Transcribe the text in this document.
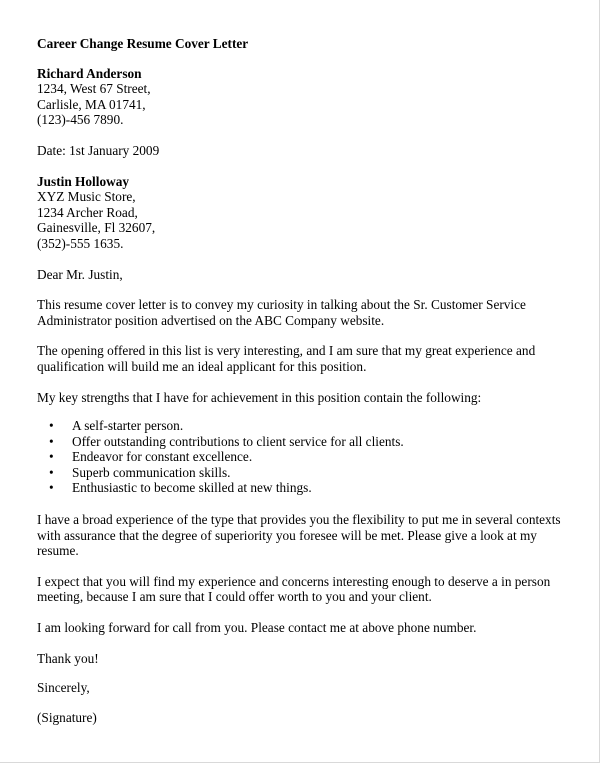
Career Change Resume Cover Letter
Richard Anderson
1234, West 67 Street,
Carlisle, MA 01741,
(123)-456 7890.
Date: 1st January 2009
Justin Holloway
XYZ Music Store,
1234 Archer Road,
Gainesville, Fl 32607,
(352)-555 1635.

Dear Mr. Justin,

This resume cover letter is to convey my curiosity in talking about the Sr. Customer Service
Administrator position advertised on the ABC Company website.

The opening offered in this list is very interesting, and I am sure that my great experience and
qualification will build me an ideal applicant for this position.

My key strengths that I have for achievement in this position contain the following:

• A self-starter person.
• Offer outstanding contributions to client service for all clients.
• Endeavor for constant excellence.
• Superb communication skills.
• Enthusiastic to become skilled at new things.

I have a broad experience of the type that provides you the flexibility to put me in several contexts
with assurance that the degree of superiority you foresee will be met. Please give a look at my
resume.

I expect that you will find my experience and concerns interesting enough to deserve a in person
meeting, because I am sure that I could offer worth to you and your client.

I am looking forward for call from you. Please contact me at above phone number.

Thank you!

Sincerely,

(Signature)
